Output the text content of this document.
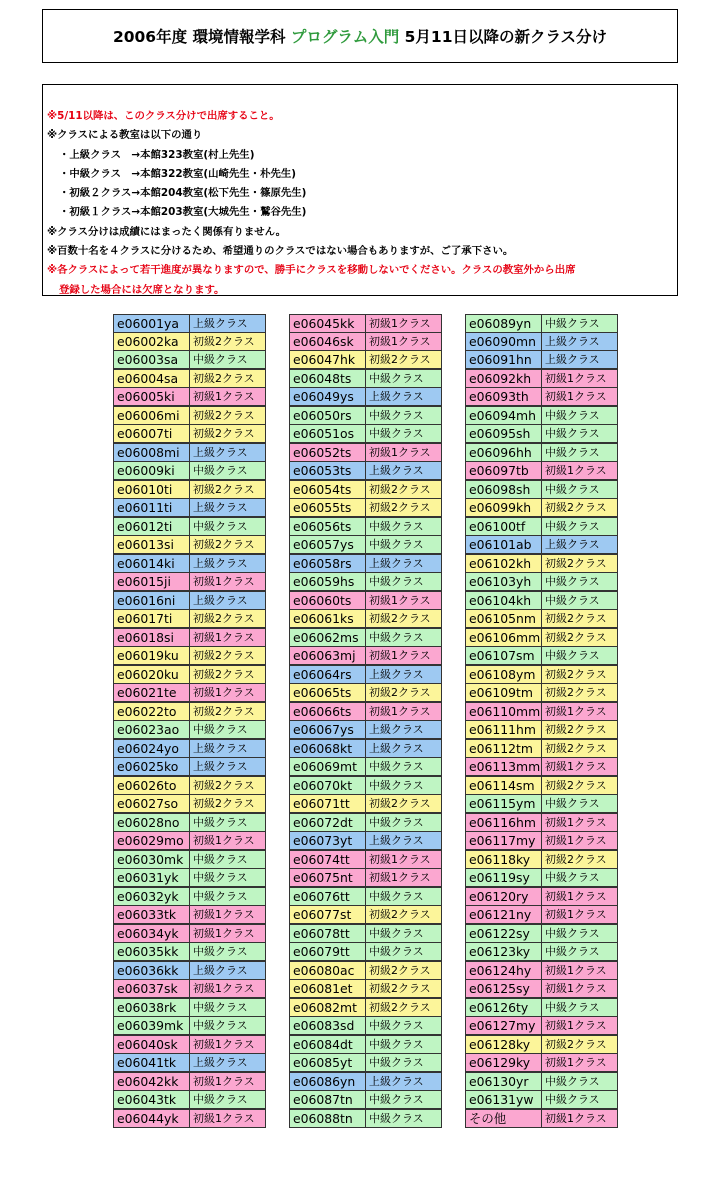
2006年度 環境情報学科 プログラム入門 5月11日以降の新クラス分け
※5/11以降は、このクラス分けで出席すること。
※クラスによる教室は以下の通り
・上級クラス　→本館323教室(村上先生)
・中級クラス　→本館322教室(山崎先生・朴先生)
・初級２クラス→本館204教室(松下先生・篠原先生)
・初級１クラス→本館203教室(大城先生・鷲谷先生)
※クラス分けは成績にはまったく関係有りません。
※百数十名を４クラスに分けるため、希望通りのクラスではない場合もありますが、ご了承下さい。
※各クラスによって若干進度が異なりますので、勝手にクラスを移動しないでください。クラスの教室外から出席
登録した場合には欠席となります。
e06001ya	上級クラス
e06002ka	初級2クラス
e06003sa	中級クラス
e06004sa	初級2クラス
e06005ki	初級1クラス
e06006mi	初級2クラス
e06007ti	初級2クラス
e06008mi	上級クラス
e06009ki	中級クラス
e06010ti	初級2クラス
e06011ti	上級クラス
e06012ti	中級クラス
e06013si	初級2クラス
e06014ki	上級クラス
e06015ji	初級1クラス
e06016ni	上級クラス
e06017ti	初級2クラス
e06018si	初級1クラス
e06019ku	初級2クラス
e06020ku	初級2クラス
e06021te	初級1クラス
e06022to	初級2クラス
e06023ao	中級クラス
e06024yo	上級クラス
e06025ko	上級クラス
e06026to	初級2クラス
e06027so	初級2クラス
e06028no	中級クラス
e06029mo 初級1クラス
e06030mk 中級クラス
e06031yk	中級クラス
e06032yk	中級クラス
e06033tk	初級1クラス
e06034yk	初級1クラス
e06035kk	中級クラス
e06036kk	上級クラス
e06037sk	初級1クラス
e06038rk	中級クラス
e06039mk 中級クラス
e06040sk	初級1クラス
e06041tk	上級クラス
e06042kk	初級1クラス
e06043tk	中級クラス
e06044yk	初級1クラス
e06045kk	初級1クラス
e06046sk	初級1クラス
e06047hk	初級2クラス
e06048ts	中級クラス
e06049ys	上級クラス
e06050rs	中級クラス
e06051os	中級クラス
e06052ts	初級1クラス
e06053ts	上級クラス
e06054ts	初級2クラス
e06055ts	初級2クラス
e06056ts	中級クラス
e06057ys	中級クラス
e06058rs	上級クラス
e06059hs	中級クラス
e06060ts	初級1クラス
e06061ks	初級2クラス
e06062ms 中級クラス
e06063mj	初級1クラス
e06064rs	上級クラス
e06065ts	初級2クラス
e06066ts	初級1クラス
e06067ys	上級クラス
e06068kt	上級クラス
e06069mt	中級クラス
e06070kt	中級クラス
e06071tt	初級2クラス
e06072dt	中級クラス
e06073yt	上級クラス
e06074tt	初級1クラス
e06075nt	初級1クラス
e06076tt	中級クラス
e06077st	初級2クラス
e06078tt	中級クラス
e06079tt	中級クラス
e06080ac	初級2クラス
e06081et	初級2クラス
e06082mt	初級2クラス
e06083sd	中級クラス
e06084dt	中級クラス
e06085yt	中級クラス
e06086yn	上級クラス
e06087tn	中級クラス
e06088tn	中級クラス
e06089yn	中級クラス
e06090mn 上級クラス
e06091hn	上級クラス
e06092kh	初級1クラス
e06093th	初級1クラス
e06094mh 中級クラス
e06095sh	中級クラス
e06096hh	中級クラス
e06097tb	初級1クラス
e06098sh	中級クラス
e06099kh	初級2クラス
e06100tf	中級クラス
e06101ab	上級クラス
e06102kh	初級2クラス
e06103yh	中級クラス
e06104kh	中級クラス
e06105nm 初級2クラス
e06106mm 初級2クラス
e06107sm 中級クラス
e06108ym 初級2クラス
e06109tm	初級2クラス
e06110mm 初級1クラス
e06111hm 初級2クラス
e06112tm	初級2クラス
e06113mm 初級1クラス
e06114sm 初級2クラス
e06115ym 中級クラス
e06116hm 初級1クラス
e06117my 初級1クラス
e06118ky	初級2クラス
e06119sy	中級クラス
e06120ry	初級1クラス
e06121ny	初級1クラス
e06122sy	中級クラス
e06123ky	中級クラス
e06124hy	初級1クラス
e06125sy	初級1クラス
e06126ty	中級クラス
e06127my 初級1クラス
e06128ky	初級2クラス
e06129ky	初級1クラス
e06130yr	中級クラス
e06131yw	中級クラス
その他	初級1クラス
